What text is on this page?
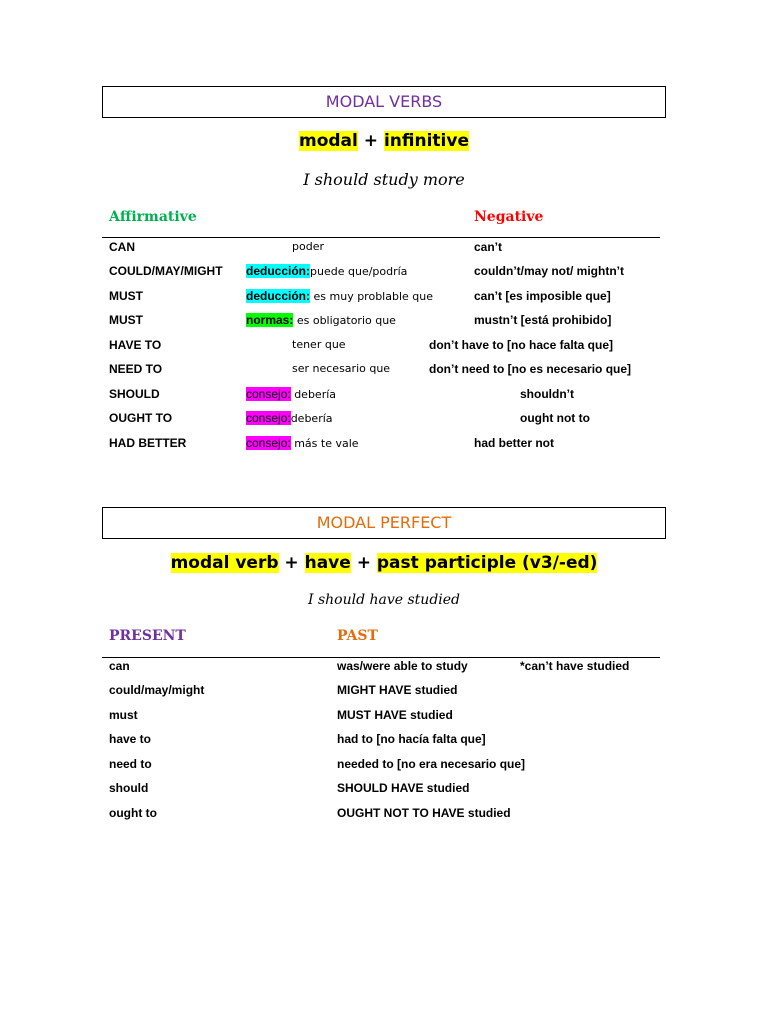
MODAL VERBS
modal + infinitive
I should study more
Affirmative	Negative
CAN	poder	can’t
COULD/MAY/MIGHT deducción:puede que/podría	couldn’t/may not/ mightn’t
MUST	deducción: es muy problable que	can’t [es imposible que]
MUST	normas: es obligatorio que	mustn’t [está prohibido]
HAVE TO	tener que	don’t have to [no hace falta que]
NEED TO	ser necesario que	don’t need to [no es necesario que]
SHOULD	consejo: debería	shouldn’t
OUGHT TO	consejo:debería	ought not to
HAD BETTER	consejo: más te vale	had better not
MODAL PERFECT
modal verb + have + past participle (v3/-ed)
I should have studied
PRESENT	PAST
can	was/were able to study	*can’t have studied
could/may/might	MIGHT HAVE studied
must	MUST HAVE studied
have to	had to [no hacía falta que]
need to	needed to [no era necesario que]
should	SHOULD HAVE studied
ought to	OUGHT NOT TO HAVE studied
